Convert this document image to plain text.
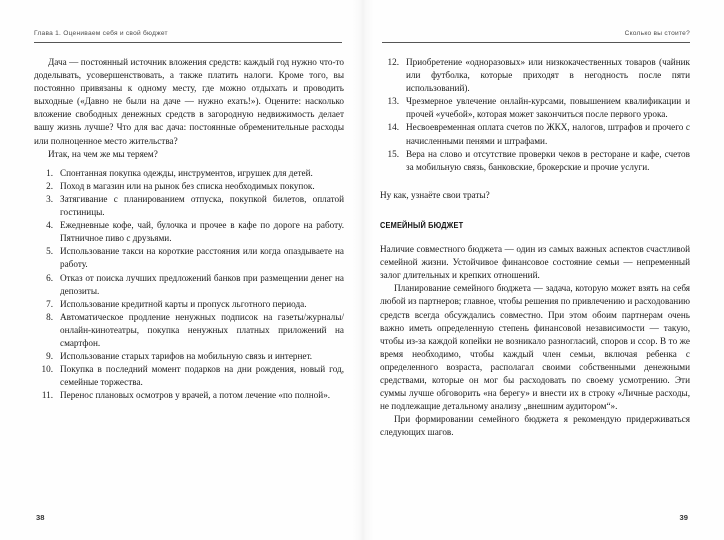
Глава 1. Оцениваем себя и свой бюджет

Дача — постоянный источник вложения средств: каждый год нужно что-то доделывать, усовершенствовать, а также платить налоги. Кроме того, вы постоянно привязаны к одному месту, где можно отдыхать и проводить выходные («Давно не были на даче — нужно ехать!»). Оцените: насколько вложение свободных денежных средств в загородную недвижимость делает вашу жизнь лучше? Что для вас дача: постоянные обременительные расходы или полноценное место жительства?

Итак, на чем же мы теряем?

1. Спонтанная покупка одежды, инструментов, игрушек для детей.
2. Поход в магазин или на рынок без списка необходимых покупок.
3. Затягивание с планированием отпуска, покупкой билетов, оплатой гостиницы.
4. Ежедневные кофе, чай, булочка и прочее в кафе по дороге на работу. Пятничное пиво с друзьями.
5. Использование такси на короткие расстояния или когда опаздываете на работу.
6. Отказ от поиска лучших предложений банков при размещении денег на депозиты.
7. Использование кредитной карты и пропуск льготного периода.
8. Автоматическое продление ненужных подписок на газеты/журналы/онлайн-кинотеатры, покупка ненужных платных приложений на смартфон.
9. Использование старых тарифов на мобильную связь и интернет.
10. Покупка в последний момент подарков на дни рождения, новый год, семейные торжества.
11. Перенос плановых осмотров у врачей, а потом лечение «по полной».
38
Сколько вы стоите?
12. Приобретение «одноразовых» или низкокачественных товаров (чайник или футболка, которые приходят в негодность после пяти использований).
13. Чрезмерное увлечение онлайн-курсами, повышением квалификации и прочей «учебой», которая может закончиться после первого урока.
14. Несвоевременная оплата счетов по ЖКХ, налогов, штрафов и прочего с начисленными пенями и штрафами.
15. Вера на слово и отсутствие проверки чеков в ресторане и кафе, счетов за мобильную связь, банковские, брокерские и прочие услуги.

Ну как, узнаёте свои траты?

СЕМЕЙНЫЙ БЮДЖЕТ

Наличие совместного бюджета — один из самых важных аспектов счастливой семейной жизни. Устойчивое финансовое состояние семьи — непременный залог длительных и крепких отношений.

Планирование семейного бюджета — задача, которую может взять на себя любой из партнеров; главное, чтобы решения по привлечению и расходованию средств всегда обсуждались совместно. При этом обоим партнерам очень важно иметь определенную степень финансовой независимости — такую, чтобы из-за каждой копейки не возникало разногласий, споров и ссор. В то же время необходимо, чтобы каждый член семьи, включая ребенка с определенного возраста, располагал своими собственными денежными средствами, которые он мог бы расходовать по своему усмотрению. Эти суммы лучше обговорить «на берегу» и внести их в строку «Личные расходы, не подлежащие детальному анализу „внешним аудитором“».

При формировании семейного бюджета я рекомендую придерживаться следующих шагов.

39
